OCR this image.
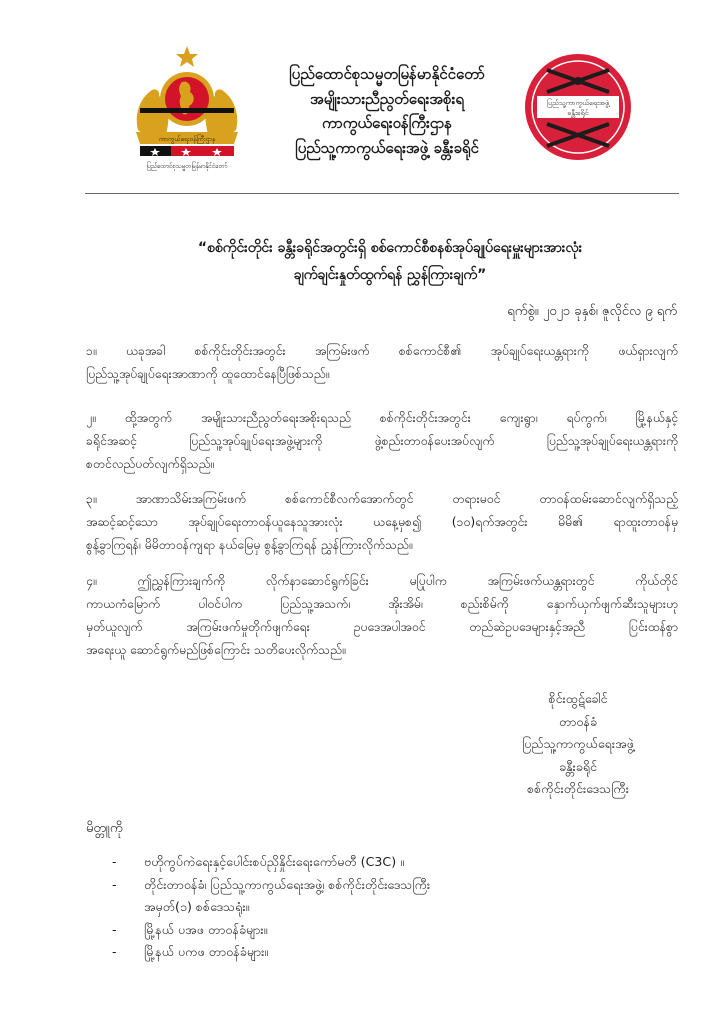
ကာကွယ်ရေးဝန်ကြီးဌာန
ပြည်ထောင်စုသမ္မတမြန်မာနိုင်ငံတော်
ပြည်ထောင်စုသမ္မတမြန်မာနိုင်ငံတော်
အမျိုးသားညီညွတ်ရေးအစိုးရ
ကာကွယ်ရေးဝန်ကြီးဌာန
ပြည်သူ့ကာကွယ်ရေးအဖွဲ့ ခန္တီးခရိုင်
ပြည်သူ့ကာကွယ်ရေးအဖွဲ့
ခန္တီးခရိုင်
“စစ်ကိုင်းတိုင်း ခန္တီးခရိုင်အတွင်းရှိ စစ်ကောင်စီစနစ်အုပ်ချုပ်ရေးမှူးများအားလုံး
ချက်ချင်းနှုတ်ထွက်ရန် ညွှန်ကြားချက်”
ရက်စွဲ။ ၂၀၂၁ ခုနှစ်၊ ဇူလိုင်လ ၉ ရက်
၁။ ယခုအခါ စစ်ကိုင်းတိုင်းအတွင်း အကြမ်းဖက် စစ်ကောင်စီ၏ အုပ်ချုပ်ရေးယန္တရားကို ဖယ်ရှားလျက်
ပြည်သူ့အုပ်ချုပ်ရေးအာဏာကို ထူထောင်နေပြီဖြစ်သည်။
၂။ ထို့အတွက် အမျိုးသားညီညွတ်ရေးအစိုးရသည် စစ်ကိုင်းတိုင်းအတွင်း ကျေးရွာ၊ ရပ်ကွက်၊ မြို့နယ်နှင့်
ခရိုင်အဆင့် ပြည်သူ့အုပ်ချုပ်ရေးအဖွဲ့များကို ဖွဲ့စည်းတာဝန်ပေးအပ်လျက် ပြည်သူ့အုပ်ချုပ်ရေးယန္တရားကို
စတင်လည်ပတ်လျက်ရှိသည်။
၃။	အာဏာသိမ်းအကြမ်းဖက် စစ်ကောင်စီလက်အောက်တွင် တရားမဝင် တာဝန်ထမ်းဆောင်လျက်ရှိသည့်
အဆင့်ဆင့်သော အုပ်ချုပ်ရေးတာဝန်ယူနေသူအားလုံး ယနေ့မှစ၍ (၁၀)ရက်အတွင်း မိမိ၏ ရာထူးတာဝန်မှ
စွန့်ခွာကြရန်၊ မိမိတာဝန်ကျရာ နယ်မြေမှ စွန့်ခွာကြရန် ညွှန်ကြားလိုက်သည်။
၄။	ဤညွှန်ကြားချက်ကို လိုက်နာဆောင်ရွက်ခြင်း မပြုပါက အကြမ်းဖက်ယန္တရားတွင် ကိုယ်တိုင်
ကာယကံမြောက် ပါဝင်ပါက ပြည်သူ့အသက်၊ အိုးအိမ်၊ စည်းစိမ်ကို နှောက်ယှက်ဖျက်ဆီးသူများဟု
မှတ်ယူလျက် အကြမ်းဖက်မှုတိုက်ဖျက်ရေး ဥပဒေအပါအဝင် တည်ဆဲဥပဒေများနှင့်အညီ ပြင်းထန်စွာ
အရေးယူ ဆောင်ရွက်မည်ဖြစ်ကြောင်း သတိပေးလိုက်သည်။
စိုင်းထွဋ်ခေါင်
တာဝန်ခံ
ပြည်သူ့ကာကွယ်ရေးအဖွဲ့
ခန္တီးခရိုင်
စစ်ကိုင်းတိုင်းဒေသကြီး
မိတ္တူကို
- ဗဟိုကွပ်ကဲရေးနှင့်ပေါင်းစပ်ညှိနှိုင်းရေးကော်မတီ (C3C) ။
- တိုင်းတာဝန်ခံ၊ ပြည်သူ့ကာကွယ်ရေးအဖွဲ့၊ စစ်ကိုင်းတိုင်းဒေသကြီး
အမှတ်(၁) စစ်ဒေသရုံး။
- မြို့နယ် ပအဖ တာဝန်ခံများ။
- မြို့နယ် ပကဖ တာဝန်ခံများ။
